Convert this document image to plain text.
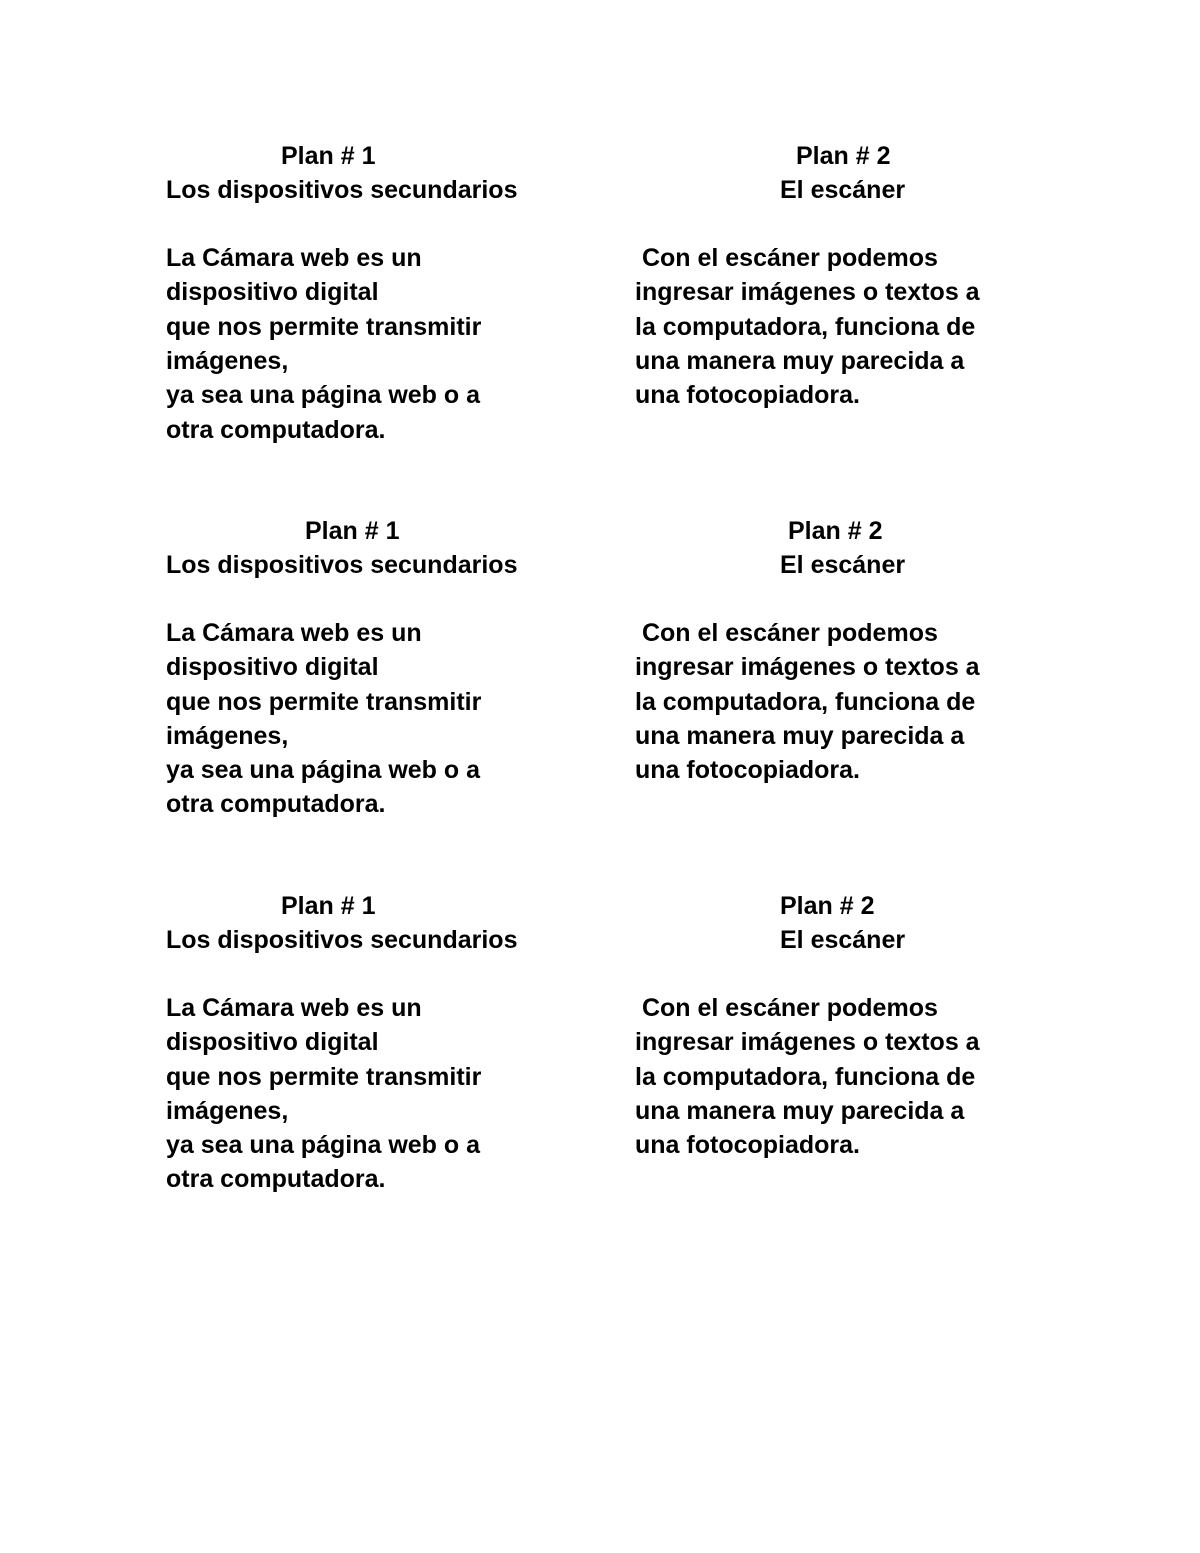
Plan # 1
Los dispositivos secundarios
La Cámara web es un
dispositivo digital
que nos permite transmitir
imágenes,
ya sea una página web o a
otra computadora.
Plan # 2
El escáner
Con el escáner podemos
ingresar imágenes o textos a
la computadora, funciona de
una manera muy parecida a
una fotocopiadora.
Plan # 1
Los dispositivos secundarios
La Cámara web es un
dispositivo digital
que nos permite transmitir
imágenes,
ya sea una página web o a
otra computadora.
Plan # 2
El escáner
Con el escáner podemos
ingresar imágenes o textos a
la computadora, funciona de
una manera muy parecida a
una fotocopiadora.
Plan # 1
Los dispositivos secundarios
La Cámara web es un
dispositivo digital
que nos permite transmitir
imágenes,
ya sea una página web o a
otra computadora.
Plan # 2
El escáner
Con el escáner podemos
ingresar imágenes o textos a
la computadora, funciona de
una manera muy parecida a
una fotocopiadora.
